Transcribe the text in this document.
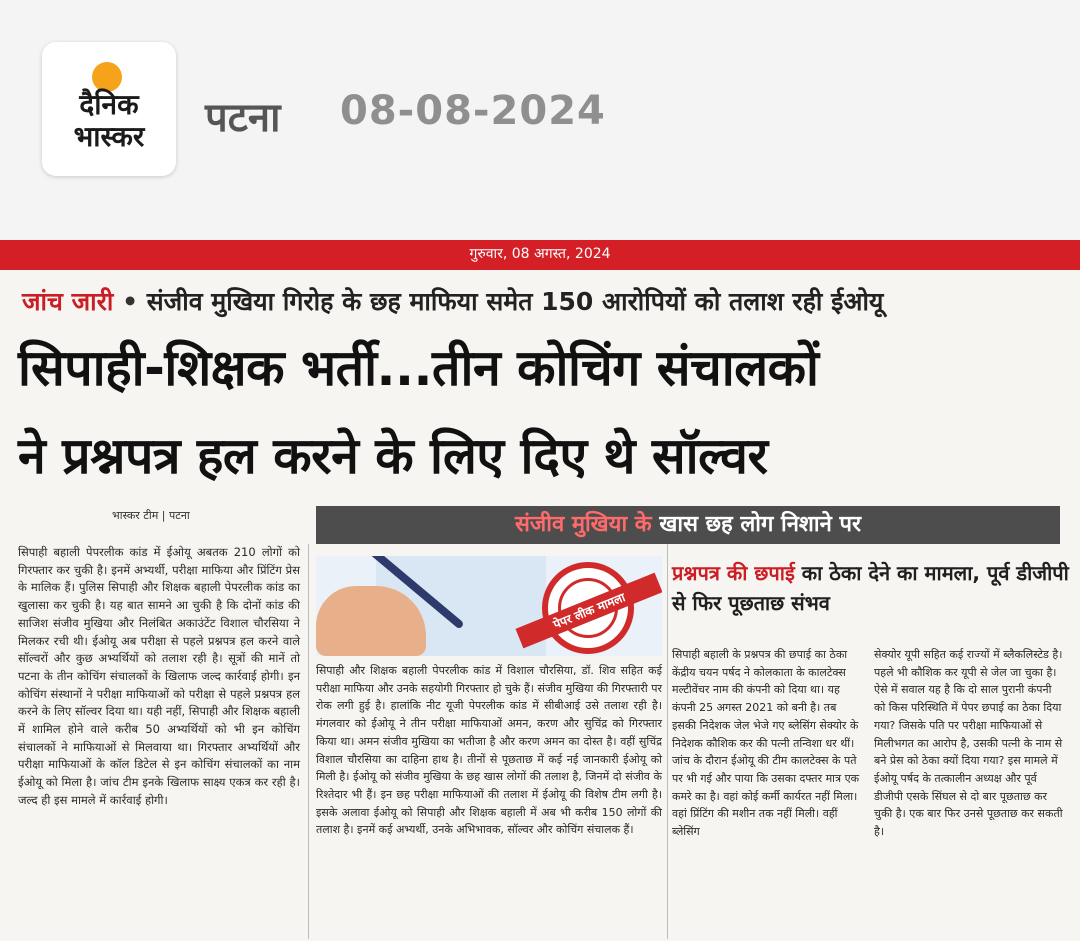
दैनिक
भास्कर	पटना 08-08-2024
गुरुवार, 08 अगस्त, 2024
जांच जारी • संजीव मुखिया गिरोह के छह माफिया समेत 150 आरोपियों को तलाश रही ईओयू
सिपाही-शिक्षक भर्ती...तीन कोचिंग संचालकों
ने प्रश्नपत्र हल करने के लिए दिए थे सॉल्वर
भास्कर टीम | पटना	संजीव मुखिया के खास छह लोग निशाने पर
सिपाही बहाली पेपरलीक कांड में ईओयू अबतक 210 लोगों को गिरफ्तार कर चुकी है। इनमें अभ्यर्थी, परीक्षा माफिया और प्रिंटिंग प्रेस के मालिक हैं। पुलिस सिपाही और शिक्षक बहाली पेपरलीक कांड का खुलासा कर चुकी है। यह बात सामने आ चुकी है कि दोनों कांड की साजिश संजीव मुखिया और निलंबित अकाउंटेंट विशाल चौरसिया ने मिलकर रची थी। ईओयू अब परीक्षा से पहले प्रश्नपत्र हल करने वाले सॉल्वरों और कुछ अभ्यर्थियों को तलाश रही है। सूत्रों की मानें तो पटना के तीन कोचिंग संचालकों के खिलाफ जल्द कार्रवाई होगी। इन कोचिंग संस्थानों ने परीक्षा माफियाओं को परीक्षा से पहले प्रश्नपत्र हल करने के लिए सॉल्वर दिया था। यही नहीं, सिपाही और शिक्षक बहाली में शामिल होने वाले करीब 50 अभ्यर्थियों को भी इन कोचिंग संचालकों ने माफियाओं से मिलवाया था। गिरफ्तार अभ्यर्थियों और परीक्षा माफियाओं के कॉल डिटेल से इन कोचिंग संचालकों का नाम ईओयू को मिला है। जांच टीम इनके खिलाफ साक्ष्य एकत्र कर रही है। जल्द ही इस मामले में कार्रवाई होगी।
पेपर लीक मामला
सिपाही और शिक्षक बहाली पेपरलीक कांड में विशाल चौरसिया, डॉ. शिव सहित कई परीक्षा माफिया और उनके सहयोगी गिरफ्तार हो चुके हैं। संजीव मुखिया की गिरफ्तारी पर रोक लगी हुई है। हालांकि नीट यूजी पेपरलीक कांड में सीबीआई उसे तलाश रही है। मंगलवार को ईओयू ने तीन परीक्षा माफियाओं अमन, करण और सुचिंद्र को गिरफ्तार किया था। अमन संजीव मुखिया का भतीजा है और करण अमन का दोस्त है। वहीं सुचिंद्र विशाल चौरसिया का दाहिना हाथ है। तीनों से पूछताछ में कई नई जानकारी ईओयू को मिली है। ईओयू को संजीव मुखिया के छह खास लोगों की तलाश है, जिनमें दो संजीव के रिश्तेदार भी हैं। इन छह परीक्षा माफियाओं की तलाश में ईओयू की विशेष टीम लगी है। इसके अलावा ईओयू को सिपाही और शिक्षक बहाली में अब भी करीब 150 लोगों की तलाश है। इनमें कई अभ्यर्थी, उनके अभिभावक, सॉल्वर और कोचिंग संचालक हैं।
प्रश्नपत्र की छपाई का ठेका देने का मामला, पूर्व डीजीपी से फिर पूछताछ संभव
सिपाही बहाली के प्रश्नपत्र की छपाई का ठेका केंद्रीय चयन पर्षद ने कोलकाता के कालटेक्स मल्टीवेंचर नाम की कंपनी को दिया था। यह कंपनी 25 अगस्त 2021 को बनी है। तब इसकी निदेशक जेल भेजे गए ब्लेसिंग सेक्योर के निदेशक कौशिक कर की पत्नी तन्विशा धर थीं। जांच के दौरान ईओयू की टीम कालटेक्स के पते पर भी गई और पाया कि उसका दफ्तर मात्र एक कमरे का है। वहां कोई कर्मी कार्यरत नहीं मिला। वहां प्रिंटिंग की मशीन तक नहीं मिली। वहीं ब्लेसिंग
सेक्योर यूपी सहित कई राज्यों में ब्लैकलिस्टेड है। पहले भी कौशिक कर यूपी से जेल जा चुका है। ऐसे में सवाल यह है कि दो साल पुरानी कंपनी को किस परिस्थिति में पेपर छपाई का ठेका दिया गया? जिसके पति पर परीक्षा माफियाओं से मिलीभगत का आरोप है, उसकी पत्नी के नाम से बने प्रेस को ठेका क्यों दिया गया? इस मामले में ईओयू पर्षद के तत्कालीन अध्यक्ष और पूर्व डीजीपी एसके सिंघल से दो बार पूछताछ कर चुकी है। एक बार फिर उनसे पूछताछ कर सकती है।
